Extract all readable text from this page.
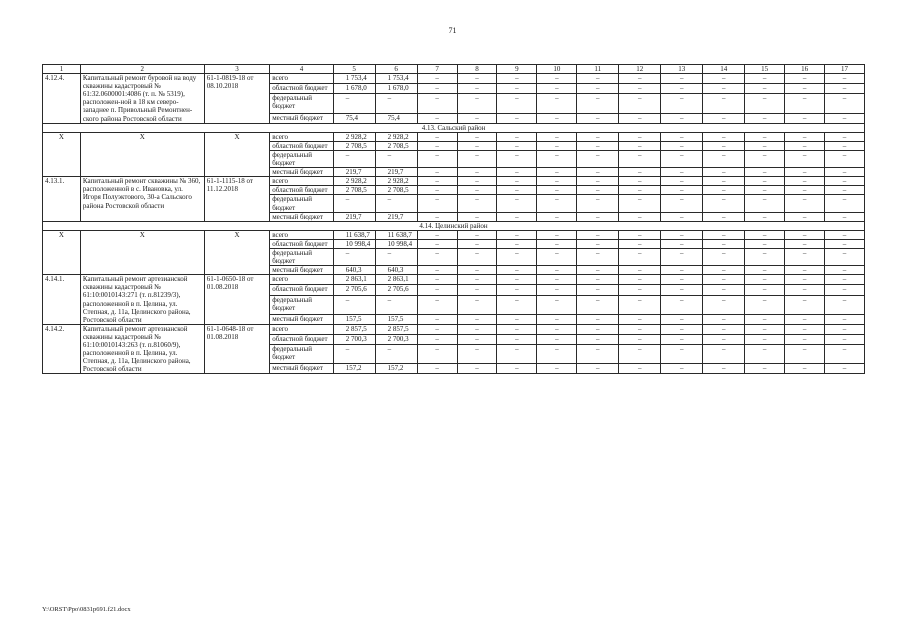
71
1	2	3	4	5	6	7	8	9	10	11	12	13	14	15	16	17
4.12.4.	Капитальный ремонт буровой на воду скважины кадастровый № 61:32.0600001:4086 (т. п. № 5319), расположен-ной в 18 км северо-западнее п. Привольный Ремонтнен-ского района Ростовской области	61-1-0819-18 от 08.10.2018	всего	1 753,4	1 753,4	–	–	–	–	–	–	–	–	–	–	–
			областной бюджет	1 678,0	1 678,0	–	–	–	–	–	–	–	–	–	–	–
			федеральный бюджет	–	–	–	–	–	–	–	–	–	–	–	–	–
			местный бюджет	75,4	75,4	–	–	–	–	–	–	–	–	–	–	–
4.13. Сальский район																
Х	Х	Х	всего	2 928,2	2 928,2	–	–	–	–	–	–	–	–	–	–	–
			областной бюджет	2 708,5	2 708,5	–	–	–	–	–	–	–	–	–	–	–
			федеральный бюджет	–	–	–	–	–	–	–	–	–	–	–	–	–
			местный бюджет	219,7	219,7	–	–	–	–	–	–	–	–	–	–	–
4.13.1.	Капитальный ремонт скважины № 360, расположенной в с. Ивановка, ул. Игоря Полуэктового, 30-а Сальского района Ростовской области	61-1-1115-18 от 11.12.2018	всего	2 928,2	2 928,2	–	–	–	–	–	–	–	–	–	–	–
			областной бюджет	2 708,5	2 708,5	–	–	–	–	–	–	–	–	–	–	–
			федеральный бюджет	–	–	–	–	–	–	–	–	–	–	–	–	–
			местный бюджет	219,7	219,7	–	–	–	–	–	–	–	–	–	–	–
4.14. Целинский район																
Х	Х	Х	всего	11 638,7	11 638,7	–	–	–	–	–	–	–	–	–	–	–
			областной бюджет	10 998,4	10 998,4	–	–	–	–	–	–	–	–	–	–	–
			федеральный бюджет	–	–	–	–	–	–	–	–	–	–	–	–	–
			местный бюджет	640,3	640,3	–	–	–	–	–	–	–	–	–	–	–
4.14.1.	Капитальный ремонт артезианской скважины кадастровый № 61:10:0010143:271 (т. п.81239/3), расположенной в п. Целина, ул. Степная, д. 11а, Целинского района, Ростовской области	61-1-0650-18 от 01.08.2018	всего	2 863,1	2 863,1	–	–	–	–	–	–	–	–	–	–	–
			областной бюджет	2 705,6	2 705,6	–	–	–	–	–	–	–	–	–	–	–
			федеральный бюджет	–	–	–	–	–	–	–	–	–	–	–	–	–
			местный бюджет	157,5	157,5	–	–	–	–	–	–	–	–	–	–	–
4.14.2.	Капитальный ремонт артезианской скважины кадастровый № 61:10:0010143:263 (т. п.81060/9), расположенной в п. Целина, ул. Степная, д. 11а, Целинского района, Ростовской области	61-1-0648-18 от 01.08.2018	всего	2 857,5	2 857,5	–	–	–	–	–	–	–	–	–	–	–
			областной бюджет	2 700,3	2 700,3	–	–	–	–	–	–	–	–	–	–	–
			федеральный бюджет	–	–	–	–	–	–	–	–	–	–	–	–	–
			местный бюджет	157,2	157,2	–	–	–	–	–	–	–	–	–	–	–
Y:\ORST\Ppo\0831p691.f21.docx
